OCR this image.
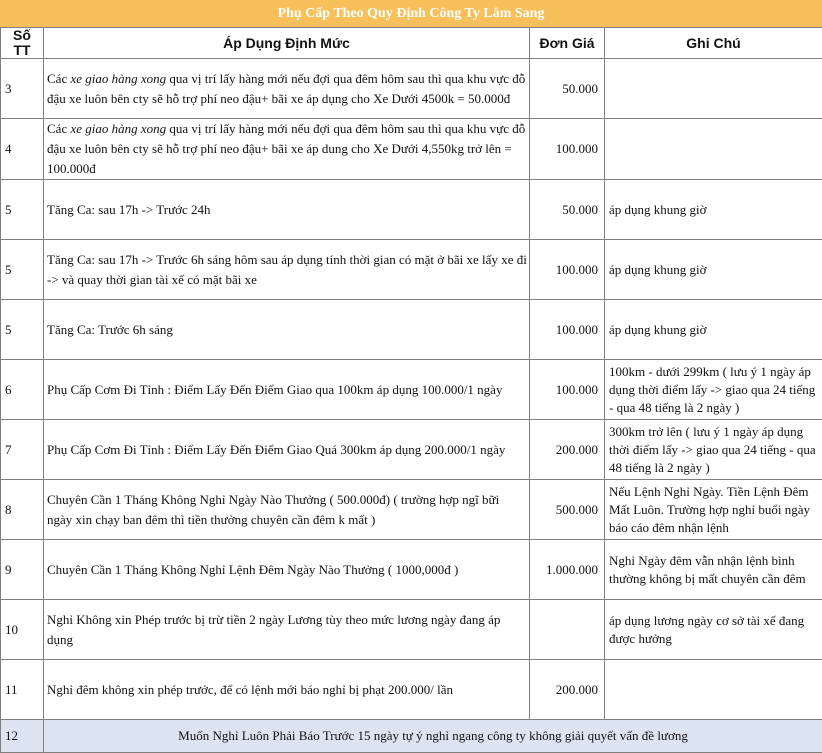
Phụ Cấp Theo Quy Định Công Ty Lâm Sang
Số TT	Áp Dụng Định Mức	Đơn Giá	Ghi Chú
3	Các xe giao hàng xong qua vị trí lấy hàng mới nếu đợi qua đêm hôm sau thì qua khu vực đỗ đậu xe luôn bên cty sẽ hỗ trợ phí neo đậu+ bãi xe áp dụng cho Xe Dưới 4500k = 50.000đ	50.000	
4	Các xe giao hàng xong qua vị trí lấy hàng mới nếu đợi qua đêm hôm sau thì qua khu vực đỗ đậu xe luôn bên cty sẽ hỗ trợ phí neo đậu+ bãi xe áp dung cho Xe Dưới 4,550kg trở lên = 100.000đ	100.000	
5	Tăng Ca: sau 17h -> Trước 24h	50.000	áp dụng khung giờ
5	Tăng Ca: sau 17h -> Trước 6h sáng hôm sau áp dụng tính thời gian có mặt ở bãi xe lấy xe đi -> và quay thời gian tài xế có mặt bãi xe	100.000	áp dụng khung giờ
5	Tăng Ca: Trước 6h sáng	100.000	áp dụng khung giờ
6	Phụ Cấp Cơm Đi Tỉnh : Điểm Lấy Đến Điểm Giao qua 100km áp dụng 100.000/1 ngày	100.000	100km - dưới 299km ( lưu ý 1 ngày áp dụng thời điểm lấy -> giao qua 24 tiếng - qua 48 tiếng là 2 ngày )
7	Phụ Cấp Cơm Đi Tỉnh : Điểm Lấy Đến Điểm Giao Quá 300km áp dụng 200.000/1 ngày	200.000	300km trở lên ( lưu ý 1 ngày áp dụng thời điểm lấy -> giao qua 24 tiếng - qua 48 tiếng là 2 ngày )
8	Chuyên Cần 1 Tháng Không Nghỉ Ngày Nào Thưởng ( 500.000đ) ( trường hợp ngĩ bữi ngày xin chạy ban đêm thì tiền thưởng chuyên cần đêm k mất )	500.000	Nếu Lệnh Nghỉ Ngày. Tiền Lệnh Đêm Mất Luôn. Trường hợp nghỉ buổi ngày báo cáo đêm nhận lệnh
9	Chuyên Cần 1 Tháng Không Nghỉ Lệnh Đêm Ngày Nào Thưởng ( 1000,000đ )	1.000.000	Nghỉ Ngày đêm vẫn nhận lệnh bình thường không bị mất chuyên cần đêm
10	Nghỉ Không xin Phép trước bị trừ tiền 2 ngày Lương tùy theo mức lương ngày đang áp dụng		áp dụng lương ngày cơ sở tài xế đang được hưởng
11	Nghỉ đêm không xin phép trước, để có lệnh mới báo nghỉ bị phạt 200.000/ lần	200.000	
12	Muốn Nghỉ Luôn Phải Báo Trước 15 ngày tự ý nghỉ ngang công ty không giải quyết vấn đề lương		
